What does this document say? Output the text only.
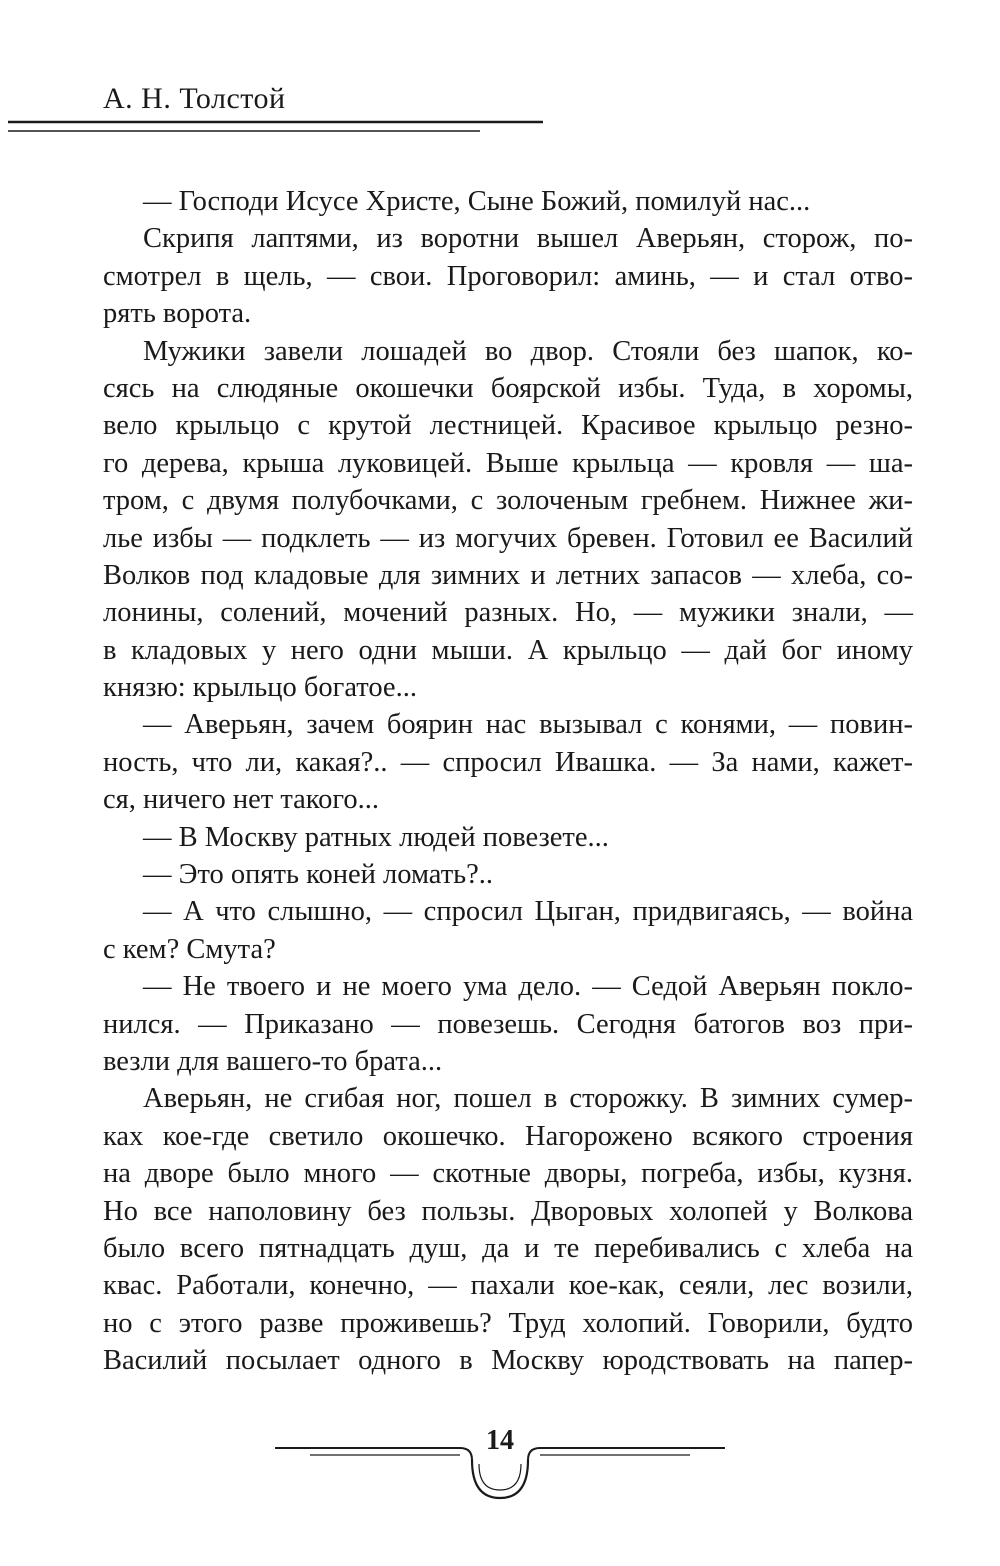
А. Н. Толстой
— Господи Исусе Христе, Сыне Божий, помилуй нас...
Скрипя лаптями, из воротни вышел Аверьян, сторож, по-
смотрел в щель, — свои. Проговорил: аминь, — и стал отво-
рять ворота.
Мужики завели лошадей во двор. Стояли без шапок, ко-
сясь на слюдяные окошечки боярской избы. Туда, в хоромы,
вело крыльцо с крутой лестницей. Красивое крыльцо резно-
го дерева, крыша луковицей. Выше крыльца — кровля — ша-
тром, с двумя полубочками, с золоченым гребнем. Нижнее жи-
лье избы — подклеть — из могучих бревен. Готовил ее Василий
Волков под кладовые для зимних и летних запасов — хлеба, со-
лонины, солений, мочений разных. Но, — мужики знали, —
в кладовых у него одни мыши. А крыльцо — дай бог иному
князю: крыльцо богатое...
— Аверьян, зачем боярин нас вызывал с конями, — повин-
ность, что ли, какая?.. — спросил Ивашка. — За нами, кажет-
ся, ничего нет такого...
— В Москву ратных людей повезете...
— Это опять коней ломать?..
— А что слышно, — спросил Цыган, придвигаясь, — война
с кем? Смута?
— Не твоего и не моего ума дело. — Седой Аверьян покло-
нился. — Приказано — повезешь. Сегодня батогов воз при-
везли для вашего-то брата...
Аверьян, не сгибая ног, пошел в сторожку. В зимних сумер-
ках кое-где светило окошечко. Нагорожено всякого строения
на дворе было много — скотные дворы, погреба, избы, кузня.
Но все наполовину без пользы. Дворовых холопей у Волкова
было всего пятнадцать душ, да и те перебивались с хлеба на
квас. Работали, конечно, — пахали кое-как, сеяли, лес возили,
но с этого разве проживешь? Труд холопий. Говорили, будто
Василий посылает одного в Москву юродствовать на папер-
14
